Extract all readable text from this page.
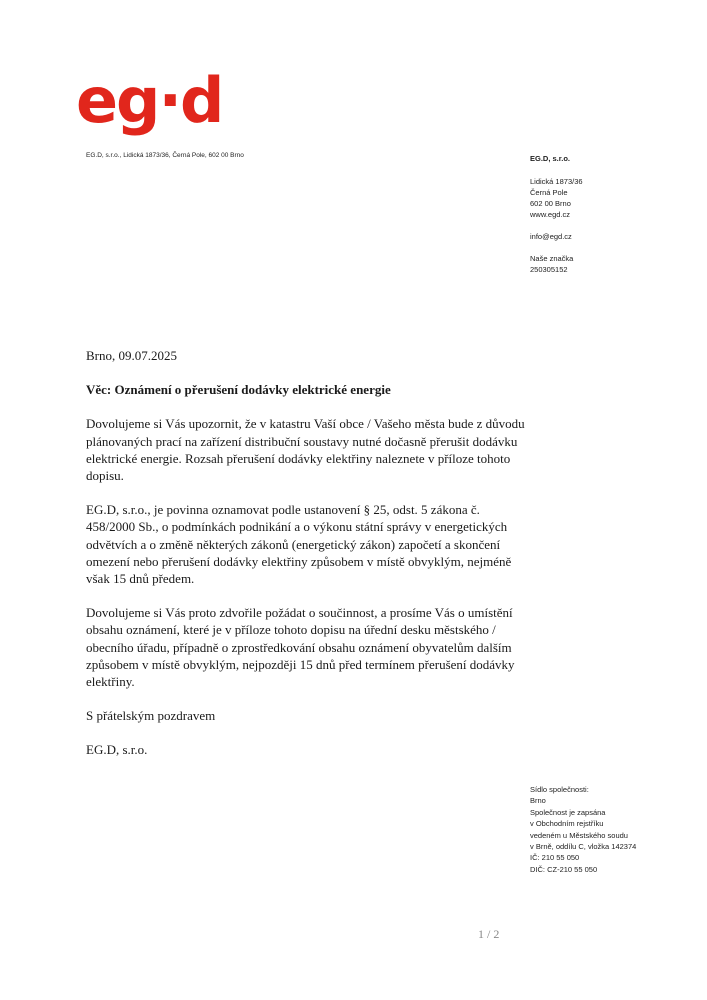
eg·d
EG.D, s.r.o., Lidická 1873/36, Černá Pole, 602 00 Brno	EG.D, s.r.o.
Lidická 1873/36
Černá Pole
602 00 Brno
www.egd.cz
info@egd.cz
Naše značka
250305152

Brno, 09.07.2025

Věc: Oznámení o přerušení dodávky elektrické energie

Dovolujeme si Vás upozornit, že v katastru Vaší obce / Vašeho města bude z důvodu plánovaných prací na zařízení distribuční soustavy nutné dočasně přerušit dodávku elektrické energie. Rozsah přerušení dodávky elektřiny naleznete v příloze tohoto dopisu.

EG.D, s.r.o., je povinna oznamovat podle ustanovení § 25, odst. 5 zákona č. 458/2000 Sb., o podmínkách podnikání a o výkonu státní správy v energetických odvětvích a o změně některých zákonů (energetický zákon) započetí a skončení omezení nebo přerušení dodávky elektřiny způsobem v místě obvyklým, nejméně však 15 dnů předem.

Dovolujeme si Vás proto zdvořile požádat o součinnost, a prosíme Vás o umístění obsahu oznámení, které je v příloze tohoto dopisu na úřední desku městského / obecního úřadu, případně o zprostředkování obsahu oznámení obyvatelům dalším způsobem v místě obvyklým, nejpozději 15 dnů před termínem přerušení dodávky elektřiny.

S přátelským pozdravem

EG.D, s.r.o.

Sídlo společnosti:
Brno
Společnost je zapsána
v Obchodním rejstříku
vedeném u Městského soudu
v Brně, oddílu C, vložka 142374
IČ: 210 55 050
DIČ: CZ-210 55 050
1 / 2
